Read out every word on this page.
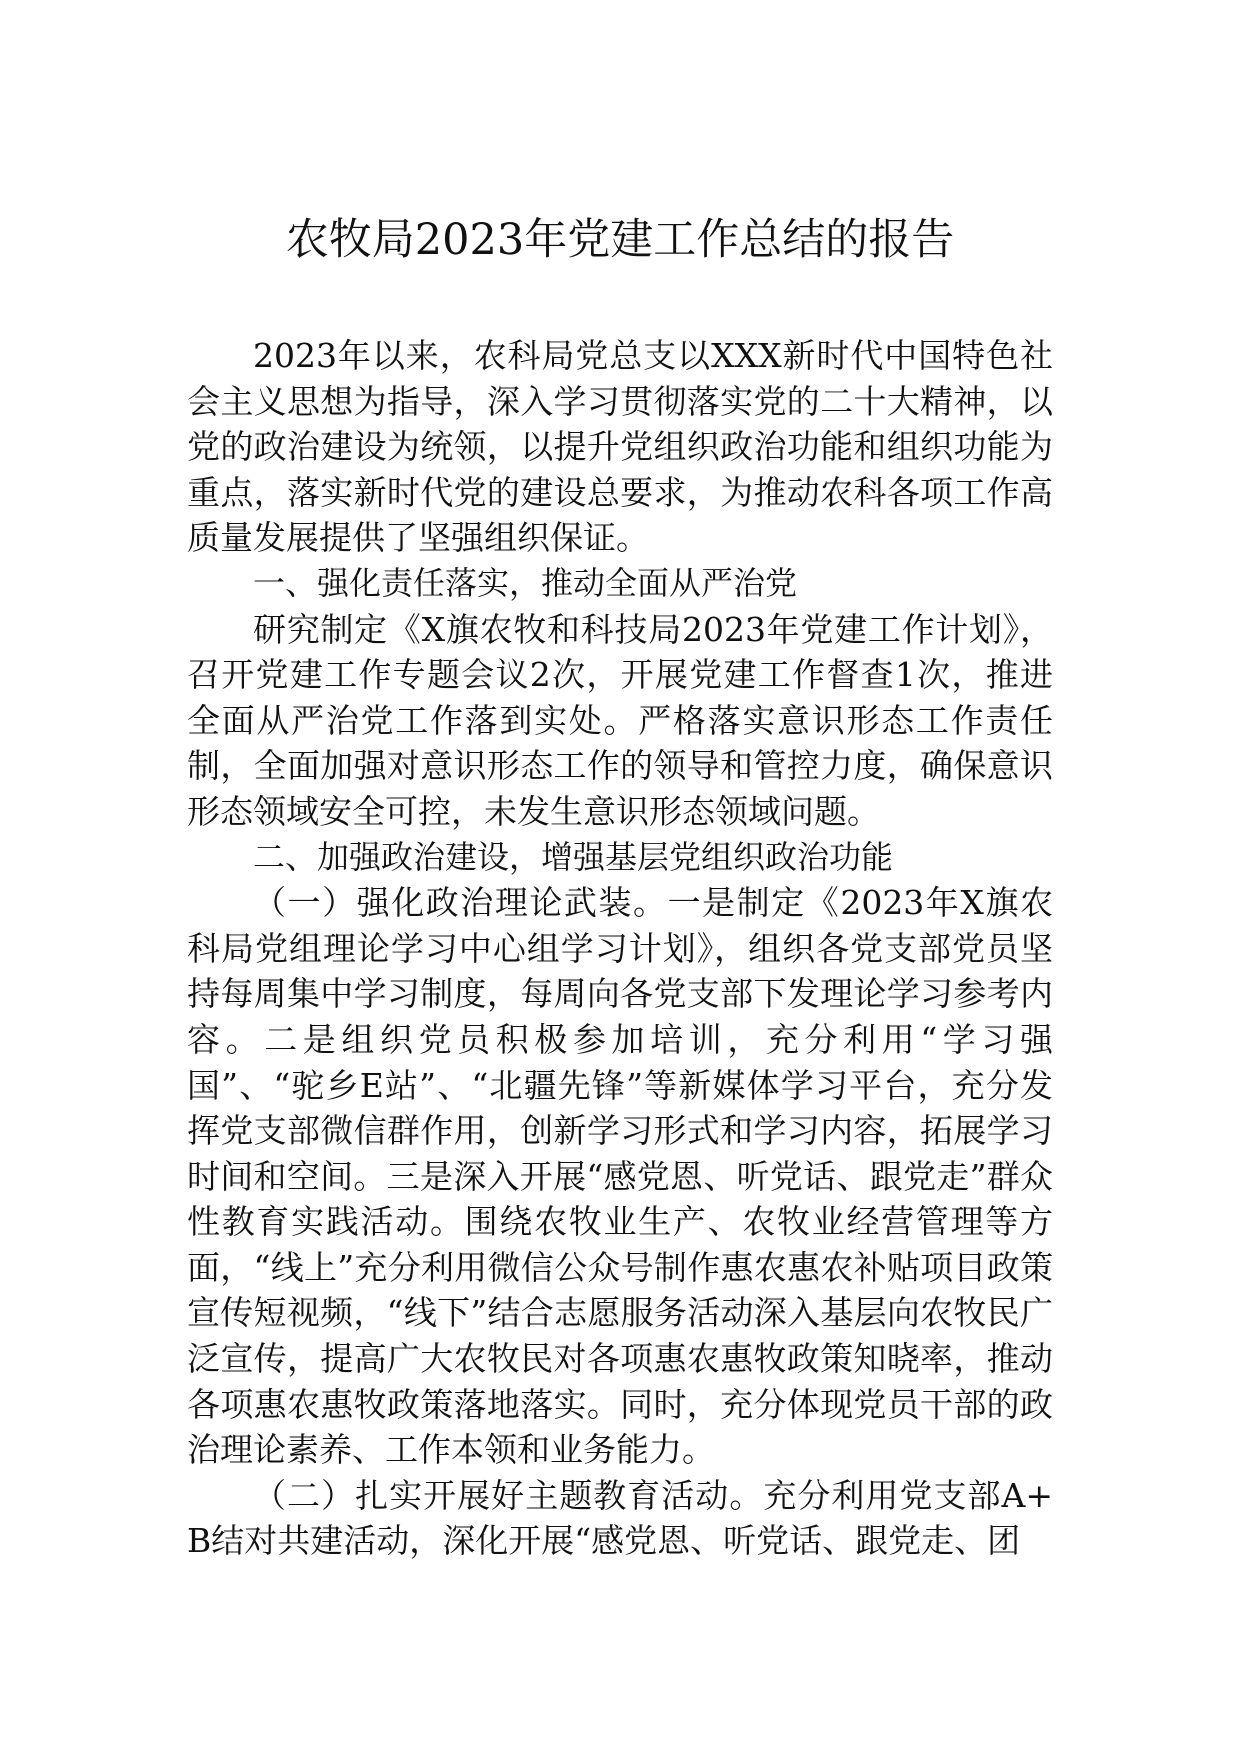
农牧局2023年党建工作总结的报告

2023年以来，农科局党总支以XXX新时代中国特色社会主义思想为指导，深入学习贯彻落实党的二十大精神，以党的政治建设为统领，以提升党组织政治功能和组织功能为重点，落实新时代党的建设总要求，为推动农科各项工作高质量发展提供了坚强组织保证。

一、强化责任落实，推动全面从严治党

研究制定《X旗农牧和科技局2023年党建工作计划》，召开党建工作专题会议2次，开展党建工作督查1次，推进全面从严治党工作落到实处。严格落实意识形态工作责任制，全面加强对意识形态工作的领导和管控力度，确保意识形态领域安全可控，未发生意识形态领域问题。

二、加强政治建设，增强基层党组织政治功能

（一）强化政治理论武装。一是制定《2023年X旗农科局党组理论学习中心组学习计划》，组织各党支部党员坚持每周集中学习制度，每周向各党支部下发理论学习参考内容。二是组织党员积极参加培训，充分利用“学习强国”、“驼乡E站”、“北疆先锋”等新媒体学习平台，充分发挥党支部微信群作用，创新学习形式和学习内容，拓展学习时间和空间。三是深入开展“感党恩、听党话、跟党走”群众性教育实践活动。围绕农牧业生产、农牧业经营管理等方面，“线上”充分利用微信公众号制作惠农惠农补贴项目政策宣传短视频，“线下”结合志愿服务活动深入基层向农牧民广泛宣传，提高广大农牧民对各项惠农惠牧政策知晓率，推动各项惠农惠牧政策落地落实。同时，充分体现党员干部的政治理论素养、工作本领和业务能力。

（二）扎实开展好主题教育活动。充分利用党支部A+B结对共建活动，深化开展“感党恩、听党话、跟党走、团
